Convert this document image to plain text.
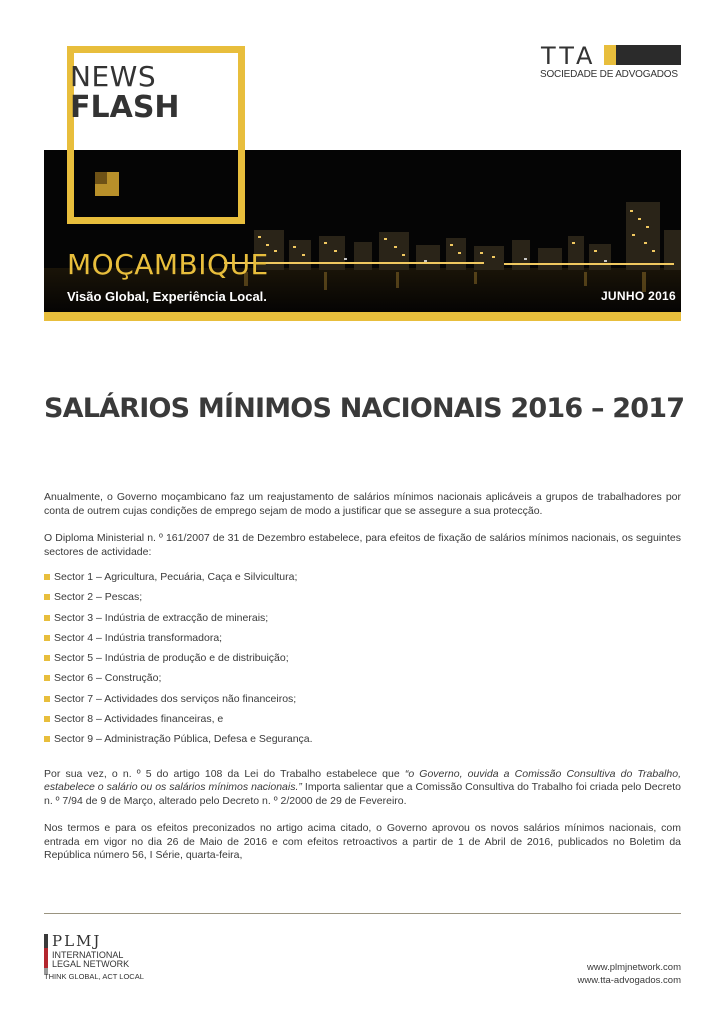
NEWS
FLASH
TTA
SOCIEDADE DE ADVOGADOS
MOÇAMBIQUE
Visão Global, Experiência Local.	JUNHO 2016
SALÁRIOS MÍNIMOS NACIONAIS 2016 – 2017

Anualmente, o Governo moçambicano faz um reajustamento de salários mínimos nacionais aplicáveis a grupos de trabalhadores por conta de outrem cujas condições de emprego sejam de modo a justificar que se assegure a sua protecção.

O Diploma Ministerial n. º 161/2007 de 31 de Dezembro estabelece, para efeitos de fixação de salários mínimos nacionais, os seguintes sectores de actividade:

Sector 1 – Agricultura, Pecuária, Caça e Silvicultura;
Sector 2 – Pescas;
Sector 3 – Indústria de extracção de minerais;
Sector 4 – Indústria transformadora;
Sector 5 – Indústria de produção e de distribuição;
Sector 6 – Construção;
Sector 7 – Actividades dos serviços não financeiros;
Sector 8 – Actividades financeiras, e
Sector 9 – Administração Pública, Defesa e Segurança.

Por sua vez, o n. º 5 do artigo 108 da Lei do Trabalho estabelece que “o Governo, ouvida a Comissão Consultiva do Trabalho, estabelece o salário ou os salários mínimos nacionais.” Importa salientar que a Comissão Consultiva do Trabalho foi criada pelo Decreto n. º 7/94 de 9 de Março, alterado pelo Decreto n. º 2/2000 de 29 de Fevereiro.

Nos termos e para os efeitos preconizados no artigo acima citado, o Governo aprovou os novos salários mínimos nacionais, com entrada em vigor no dia 26 de Maio de 2016 e com efeitos retroactivos a partir de 1 de Abril de 2016, publicados no Boletim da República número 56, I Série, quarta-feira,

PLMJ
INTERNATIONAL
LEGAL NETWORK
THINK GLOBAL, ACT LOCAL
www.plmjnetwork.com
www.tta-advogados.com
